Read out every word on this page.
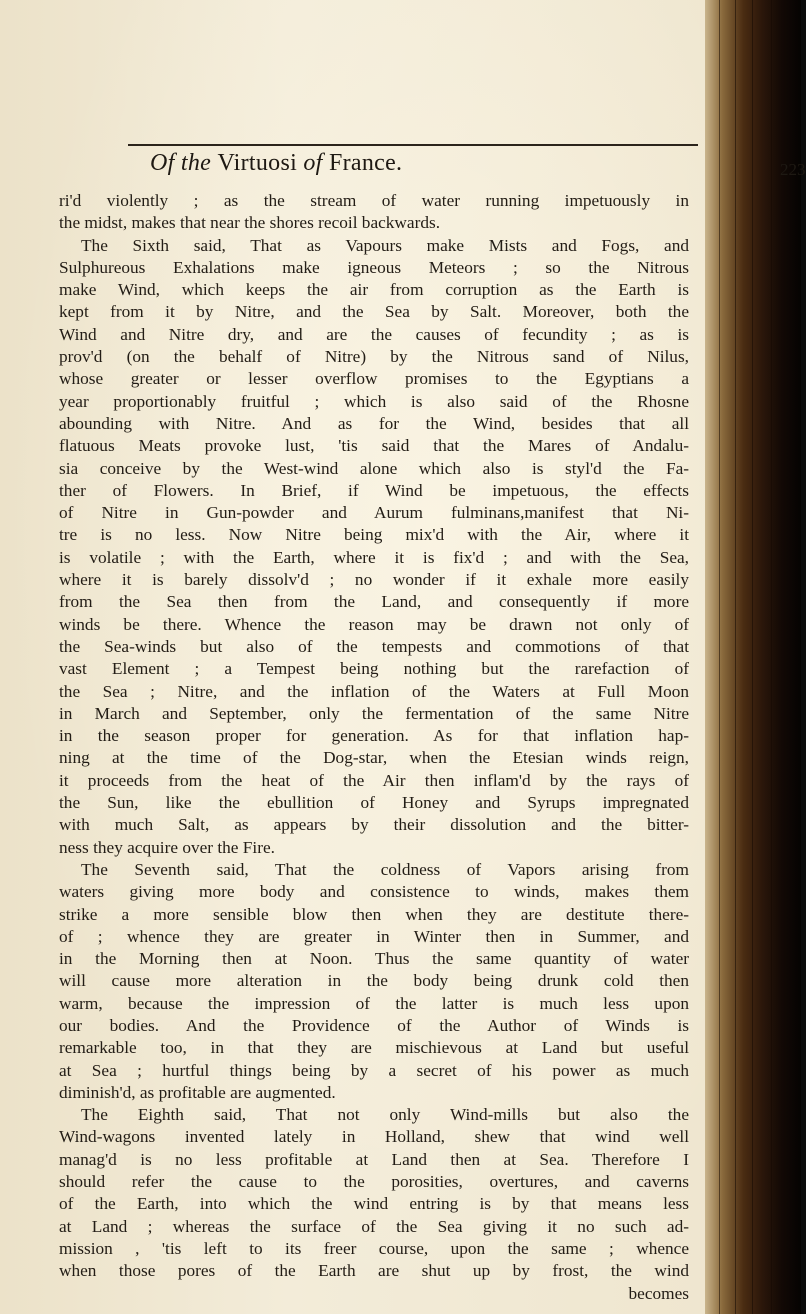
Of the Virtuosi of France.	223
ri'd violently ; as the stream of water running impetuously in
the midst, makes that near the shores recoil backwards.
The Sixth said, That as Vapours make Mists and Fogs, and
Sulphureous Exhalations make igneous Meteors ; so the Nitrous
make Wind, which keeps the air from corruption as the Earth is
kept from it by Nitre, and the Sea by Salt. Moreover, both the
Wind and Nitre dry, and are the causes of fecundity ; as is
prov'd (on the behalf of Nitre) by the Nitrous sand of Nilus,
whose greater or lesser overflow promises to the Egyptians a
year proportionably fruitful ; which is also said of the Rhosne
abounding with Nitre. And as for the Wind, besides that all
flatuous Meats provoke lust, 'tis said that the Mares of Andalu-
sia conceive by the West-wind alone which also is styl'd the Fa-
ther of Flowers. In Brief, if Wind be impetuous, the effects
of Nitre in Gun-powder and Aurum fulminans,manifest that Ni-
tre is no less. Now Nitre being mix'd with the Air, where it
is volatile ; with the Earth, where it is fix'd ; and with the Sea,
where it is barely dissolv'd ; no wonder if it exhale more easily
from the Sea then from the Land, and consequently if more
winds be there. Whence the reason may be drawn not only of
the Sea-winds but also of the tempests and commotions of that
vast Element ; a Tempest being nothing but the rarefaction of
the Sea ; Nitre, and the inflation of the Waters at Full Moon
in March and September, only the fermentation of the same Nitre
in the season proper for generation. As for that inflation hap-
ning at the time of the Dog-star, when the Etesian winds reign,
it proceeds from the heat of the Air then inflam'd by the rays of
the Sun, like the ebullition of Honey and Syrups impregnated
with much Salt, as appears by their dissolution and the bitter-
ness they acquire over the Fire.
The Seventh said, That the coldness of Vapors arising from
waters giving more body and consistence to winds, makes them
strike a more sensible blow then when they are destitute there-
of ; whence they are greater in Winter then in Summer, and
in the Morning then at Noon. Thus the same quantity of water
will cause more alteration in the body being drunk cold then
warm, because the impression of the latter is much less upon
our bodies. And the Providence of the Author of Winds is
remarkable too, in that they are mischievous at Land but useful
at Sea ; hurtful things being by a secret of his power as much
diminish'd, as profitable are augmented.
The Eighth said, That not only Wind-mills but also the
Wind-wagons invented lately in Holland, shew that wind well
manag'd is no less profitable at Land then at Sea. Therefore I
should refer the cause to the porosities, overtures, and caverns
of the Earth, into which the wind entring is by that means less
at Land ; whereas the surface of the Sea giving it no such ad-
mission , 'tis left to its freer course, upon the same ; whence
when those pores of the Earth are shut up by frost, the wind
becomes
